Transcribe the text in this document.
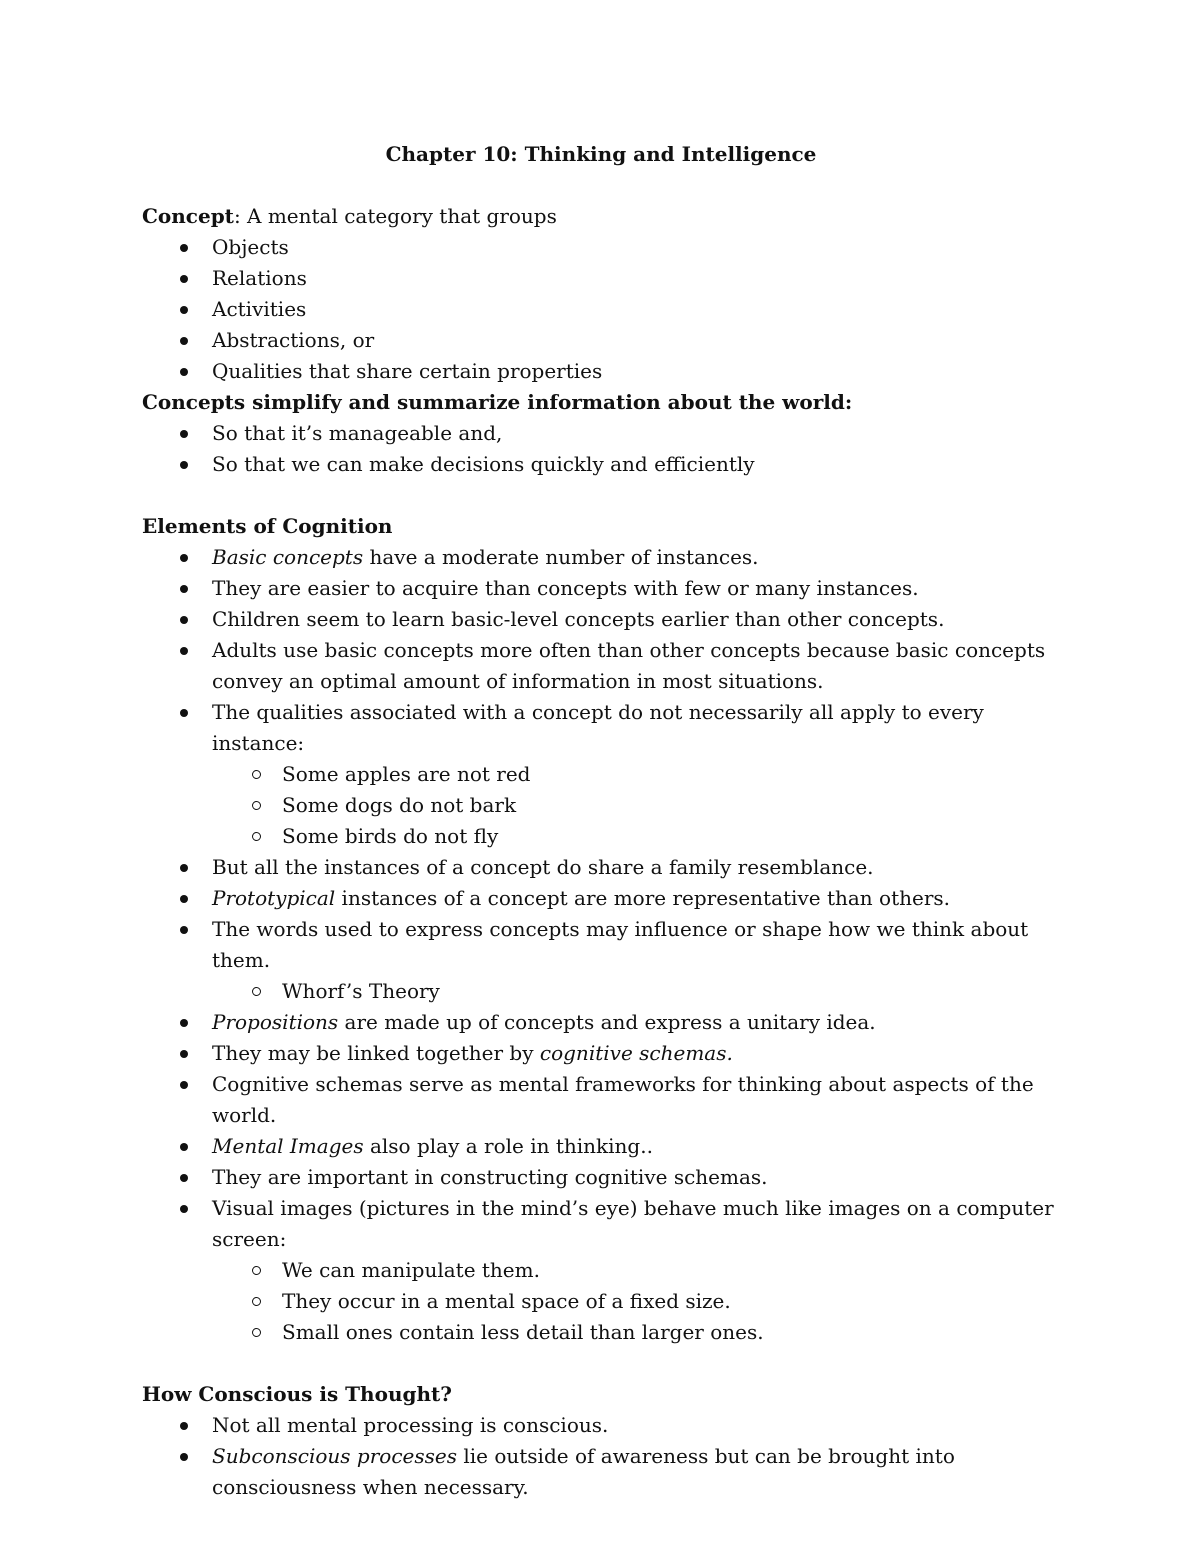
Chapter 10: Thinking and Intelligence

Concept: A mental category that groups

Objects
Relations
Activities
Abstractions, or
Qualities that share certain properties

Concepts simplify and summarize information about the world:

So that it’s manageable and,
So that we can make decisions quickly and efficiently

Elements of Cognition

Basic concepts have a moderate number of instances.
They are easier to acquire than concepts with few or many instances.
Children seem to learn basic-level concepts earlier than other concepts.
Adults use basic concepts more often than other concepts because basic concepts convey an optimal amount of information in most situations.
The qualities associated with a concept do not necessarily all apply to every instance:
Some apples are not red
Some dogs do not bark
Some birds do not fly
But all the instances of a concept do share a family resemblance.
Prototypical instances of a concept are more representative than others.
The words used to express concepts may influence or shape how we think about them.
Whorf’s Theory
Propositions are made up of concepts and express a unitary idea.
They may be linked together by cognitive schemas.
Cognitive schemas serve as mental frameworks for thinking about aspects of the world.
Mental Images also play a role in thinking..
They are important in constructing cognitive schemas.
Visual images (pictures in the mind’s eye) behave much like images on a computer screen:
We can manipulate them.
They occur in a mental space of a fixed size.
Small ones contain less detail than larger ones.

How Conscious is Thought?

Not all mental processing is conscious.
Subconscious processes lie outside of awareness but can be brought into consciousness when necessary.
